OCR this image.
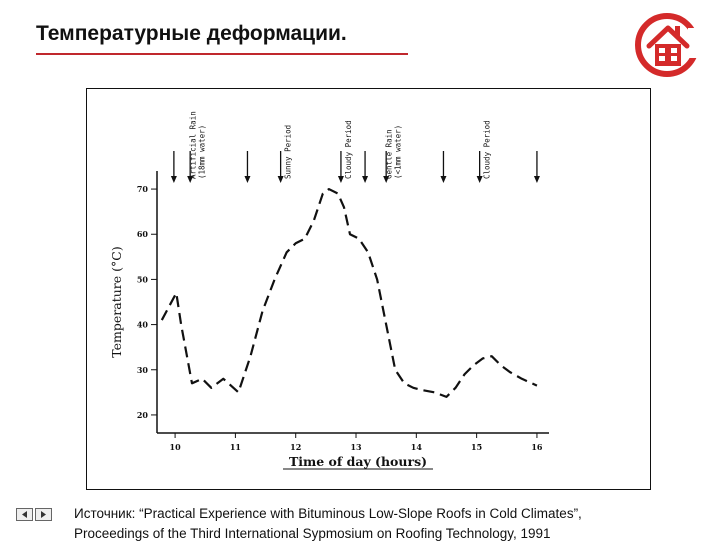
Температурные деформации.
70
60
50
40
30
20
10	11	12	13	14	15	16
Time of day (hours)
Temperature (°C)
Artificial Rain (18mm water)	Sunny Period	Cloudy Period	Gentle Rain (<1mm water)	Cloudy Period
Источник: “Practical Experience with Bituminous Low-Slope Roofs in Cold Climates”,
Proceedings of the Third International Sypmosium on Roofing Technology, 1991
